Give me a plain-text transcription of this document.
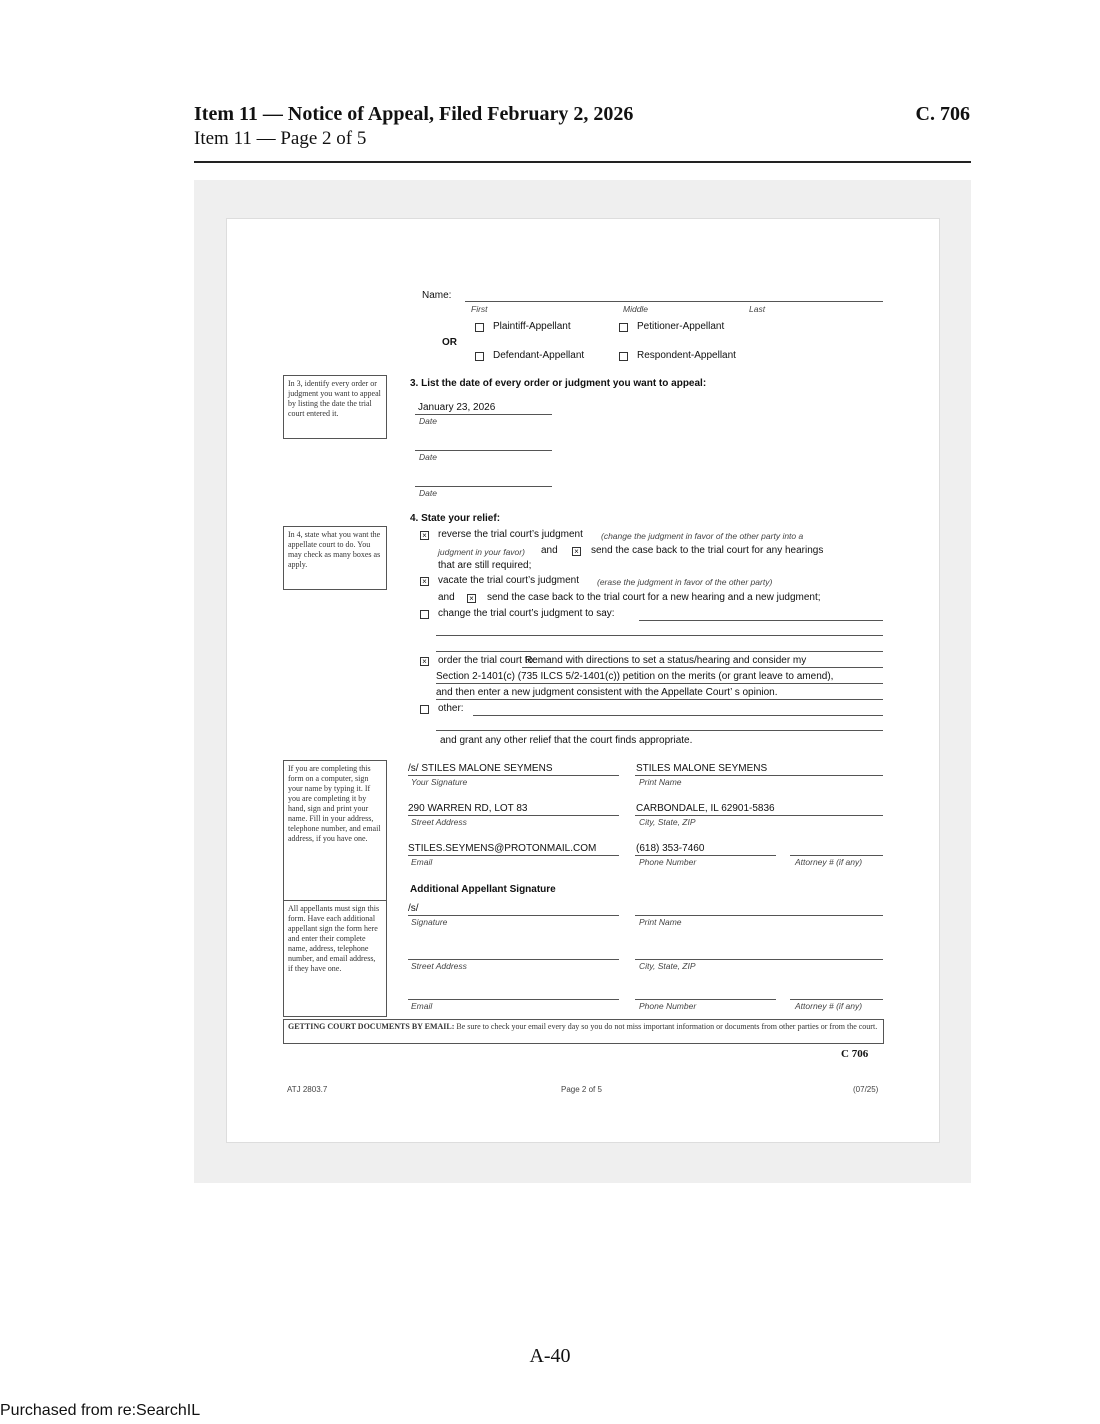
Item 11 — Notice of Appeal, Filed February 2, 2026	C. 706
Item 11 — Page 2 of 5
Name:
First	Middle	Last
Plaintiff-Appellant	Petitioner-Appellant
OR
Defendant-Appellant	Respondent-Appellant
In 3, identify every order or judgment you want to appeal by listing the date the trial court entered it.
3. List the date of every order or judgment you want to appeal:
January 23, 2026
Date
Date
Date
In 4, state what you want the appellate court to do. You may check as many boxes as apply.
4. State your relief:
× reverse the trial court’s judgment (change the judgment in favor of the other party into a
judgment in your favor) and × send the case back to the trial court for any hearings
that are still required;
× vacate the trial court’s judgment (erase the judgment in favor of the other party)
and × send the case back to the trial court for a new hearing and a new judgment;
change the trial court’s judgment to say:
× order the trial court to:
Remand with directions to set a status/hearing and consider my
Section 2-1401(c) (735 ILCS 5/2-1401(c)) petition on the merits (or grant leave to amend),
and then enter a new judgment consistent with the Appellate Court’ s opinion.
other:
and grant any other relief that the court finds appropriate.
If you are completing this form on a computer, sign your name by typing it. If you are completing it by hand, sign and print your name. Fill in your address, telephone number, and email address, if you have one.
All appellants must sign this form. Have each additional appellant sign the form here and enter their complete name, address, telephone number, and email address, if they have one.
/s/ STILES MALONE SEYMENS
Your Signature
STILES MALONE SEYMENS
Print Name
290 WARREN RD, LOT 83
Street Address
CARBONDALE, IL 62901-5836
City, State, ZIP
STILES.SEYMENS@PROTONMAIL.COM
Email
(618) 353-7460
Phone Number	Attorney # (if any)
Additional Appellant Signature
/s/
Signature	Print Name
Street Address	City, State, ZIP
Email	Phone Number	Attorney # (if any)
GETTING COURT DOCUMENTS BY EMAIL: Be sure to check your email every day so you do not miss important information or documents from other parties or from the court.
C 706
ATJ 2803.7	Page 2 of 5	(07/25)
A-40
Purchased from re:SearchIL
